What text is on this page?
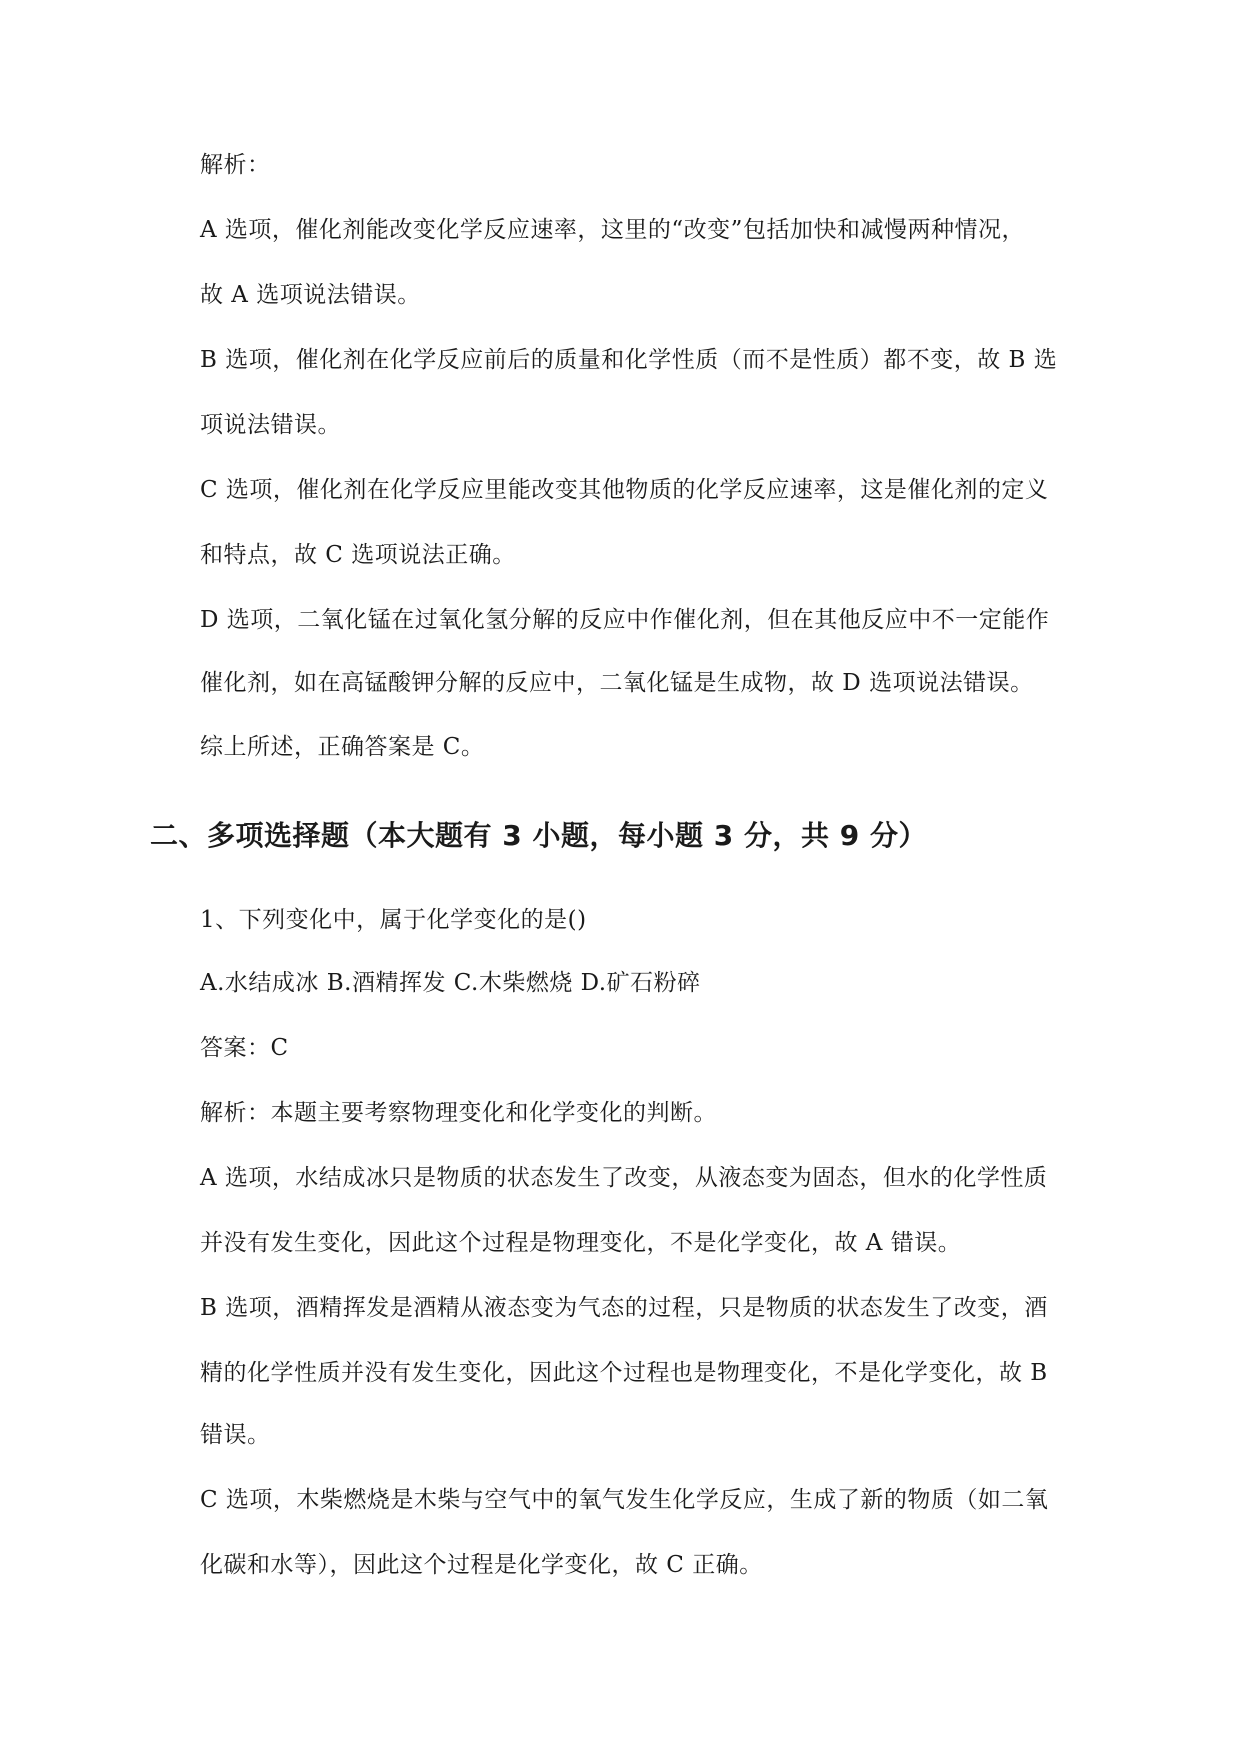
解析：
A 选项，催化剂能改变化学反应速率，这里的“改变”包括加快和减慢两种情况，
故 A 选项说法错误。
B 选项，催化剂在化学反应前后的质量和化学性质（而不是性质）都不变，故 B 选
项说法错误。
C 选项，催化剂在化学反应里能改变其他物质的化学反应速率，这是催化剂的定义
和特点，故 C 选项说法正确。
D 选项，二氧化锰在过氧化氢分解的反应中作催化剂，但在其他反应中不一定能作
催化剂，如在高锰酸钾分解的反应中，二氧化锰是生成物，故 D 选项说法错误。
综上所述，正确答案是 C。
二、多项选择题（本大题有 3 小题，每小题 3 分，共 9 分）
1、下列变化中，属于化学变化的是()
A.水结成冰 B.酒精挥发 C.木柴燃烧 D.矿石粉碎
答案：C
解析：本题主要考察物理变化和化学变化的判断。
A 选项，水结成冰只是物质的状态发生了改变，从液态变为固态，但水的化学性质
并没有发生变化，因此这个过程是物理变化，不是化学变化，故 A 错误。
B 选项，酒精挥发是酒精从液态变为气态的过程，只是物质的状态发生了改变，酒
精的化学性质并没有发生变化，因此这个过程也是物理变化，不是化学变化，故 B
错误。
C 选项，木柴燃烧是木柴与空气中的氧气发生化学反应，生成了新的物质（如二氧
化碳和水等），因此这个过程是化学变化，故 C 正确。
